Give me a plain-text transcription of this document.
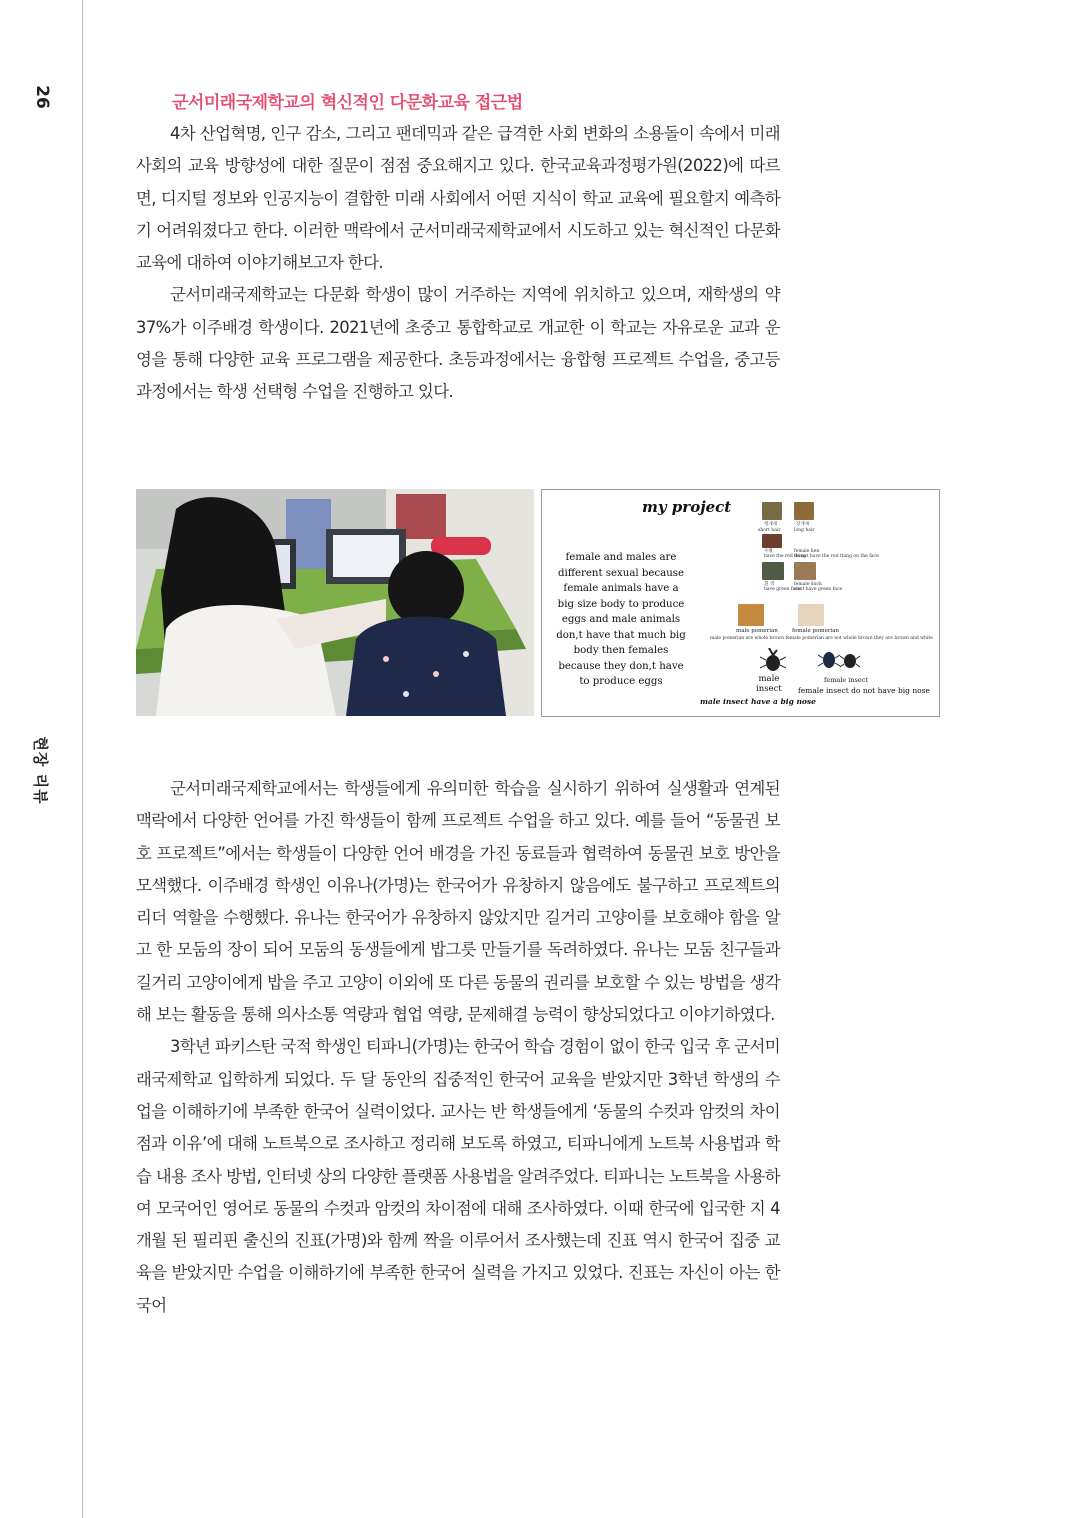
26
현장 리뷰
군서미래국제학교의 혁신적인 다문화교육 접근법

4차 산업혁명, 인구 감소, 그리고 팬데믹과 같은 급격한 사회 변화의 소용돌이 속에서 미래 사회의 교육 방향성에 대한 질문이 점점 중요해지고 있다. 한국교육과정평가원(2022)에 따르면, 디지털 정보와 인공지능이 결합한 미래 사회에서 어떤 지식이 학교 교육에 필요할지 예측하기 어려워졌다고 한다. 이러한 맥락에서 군서미래국제학교에서 시도하고 있는 혁신적인 다문화교육에 대하여 이야기해보고자 한다.

군서미래국제학교는 다문화 학생이 많이 거주하는 지역에 위치하고 있으며, 재학생의 약 37%가 이주배경 학생이다. 2021년에 초중고 통합학교로 개교한 이 학교는 자유로운 교과 운영을 통해 다양한 교육 프로그램을 제공한다. 초등과정에서는 융합형 프로젝트 수업을, 중고등과정에서는 학생 선택형 수업을 진행하고 있다.

my project
female and males are different sexual because female animals have a big size body to produce eggs and male animals don,t have that much big body then females because they don,t have to produce eggs
청개새
short hair
장개새
long hair
수꿩
have the red thing
female hen
do not have the red thing on the face
흰 색
have green face
female duck
dont have green face
male pomerian	female pomerian
male pomerian are whole brown female pomerian are not whole brown they are brown and white
female insect
male
insect female insect do not have big nose
male insect have a big nose

군서미래국제학교에서는 학생들에게 유의미한 학습을 실시하기 위하여 실생활과 연계된 맥락에서 다양한 언어를 가진 학생들이 함께 프로젝트 수업을 하고 있다. 예를 들어 “동물권 보호 프로젝트”에서는 학생들이 다양한 언어 배경을 가진 동료들과 협력하여 동물권 보호 방안을 모색했다. 이주배경 학생인 이유나(가명)는 한국어가 유창하지 않음에도 불구하고 프로젝트의 리더 역할을 수행했다. 유나는 한국어가 유창하지 않았지만 길거리 고양이를 보호해야 함을 알고 한 모둠의 장이 되어 모둠의 동생들에게 밥그릇 만들기를 독려하였다. 유나는 모둠 친구들과 길거리 고양이에게 밥을 주고 고양이 이외에 또 다른 동물의 권리를 보호할 수 있는 방법을 생각해 보는 활동을 통해 의사소통 역량과 협업 역량, 문제해결 능력이 향상되었다고 이야기하였다.

3학년 파키스탄 국적 학생인 티파니(가명)는 한국어 학습 경험이 없이 한국 입국 후 군서미래국제학교 입학하게 되었다. 두 달 동안의 집중적인 한국어 교육을 받았지만 3학년 학생의 수업을 이해하기에 부족한 한국어 실력이었다. 교사는 반 학생들에게 ‘동물의 수컷과 암컷의 차이점과 이유’에 대해 노트북으로 조사하고 정리해 보도록 하였고, 티파니에게 노트북 사용법과 학습 내용 조사 방법, 인터넷 상의 다양한 플랫폼 사용법을 알려주었다. 티파니는 노트북을 사용하여 모국어인 영어로 동물의 수컷과 암컷의 차이점에 대해 조사하였다. 이때 한국에 입국한 지 4개월 된 필리핀 출신의 진표(가명)와 함께 짝을 이루어서 조사했는데 진표 역시 한국어 집중 교육을 받았지만 수업을 이해하기에 부족한 한국어 실력을 가지고 있었다. 진표는 자신이 아는 한국어
